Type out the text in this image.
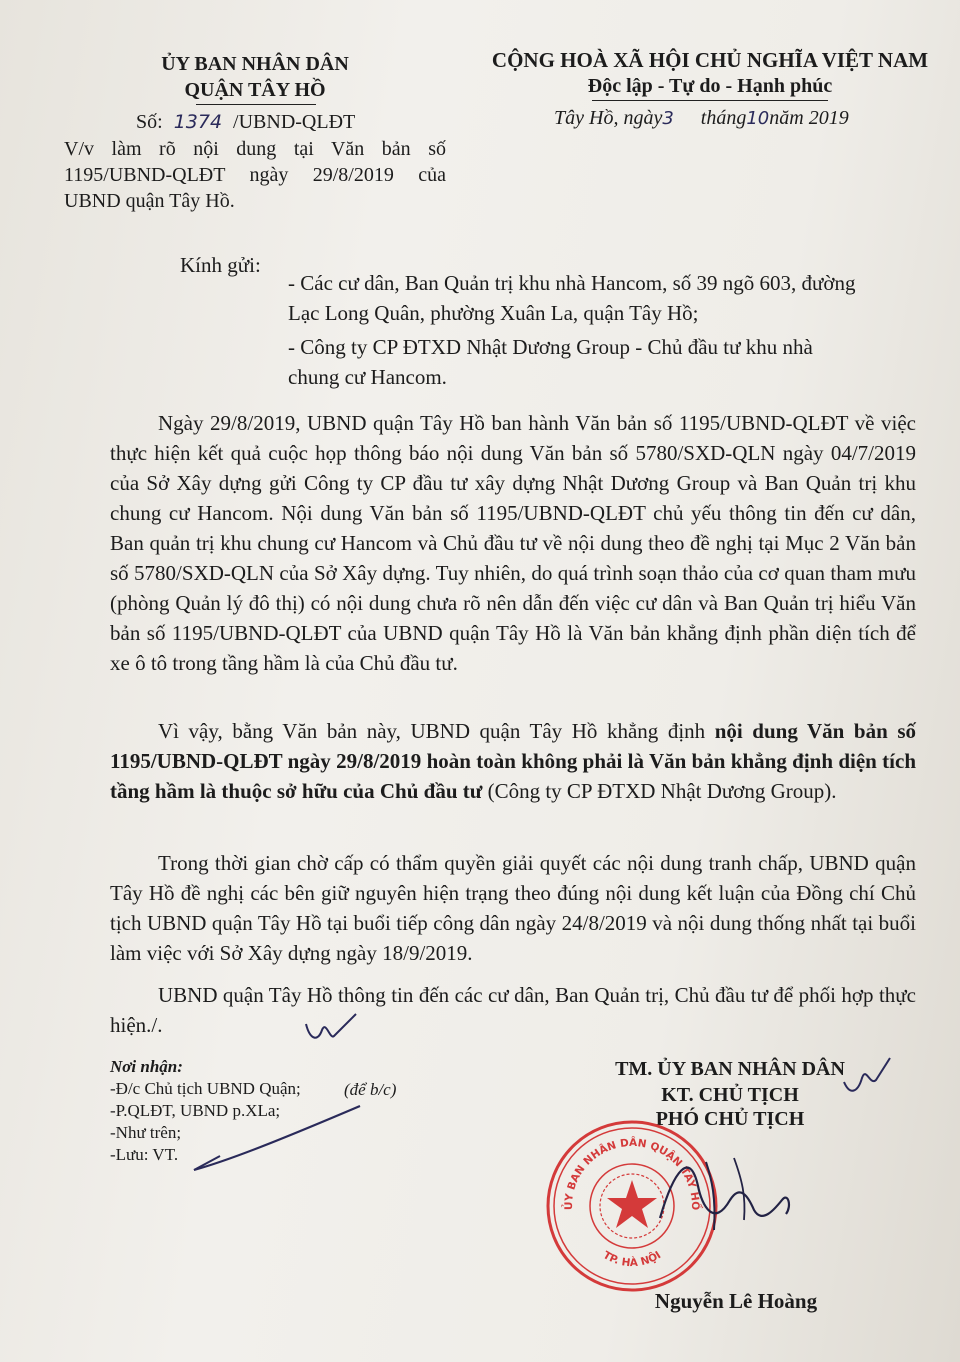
ỦY BAN NHÂN DÂN
QUẬN TÂY HỒ
Số: 1374 /UBND-QLĐT
CỘNG HOÀ XÃ HỘI CHỦ NGHĨA VIỆT NAM
Độc lập - Tự do - Hạnh phúc
Tây Hồ, ngày3 tháng10năm 2019
V/v làm rõ nội dung tại Văn bản số 1195/UBND-QLĐT ngày 29/8/2019 của UBND quận Tây Hồ.
Kính gửi:
- Các cư dân, Ban Quản trị khu nhà Hancom, số 39 ngõ 603, đường
Lạc Long Quân, phường Xuân La, quận Tây Hồ;
- Công ty CP ĐTXD Nhật Dương Group - Chủ đầu tư khu nhà
chung cư Hancom.
Ngày 29/8/2019, UBND quận Tây Hồ ban hành Văn bản số 1195/UBND-QLĐT về việc thực hiện kết quả cuộc họp thông báo nội dung Văn bản số 5780/SXD-QLN ngày 04/7/2019 của Sở Xây dựng gửi Công ty CP đầu tư xây dựng Nhật Dương Group và Ban Quản trị khu chung cư Hancom. Nội dung Văn bản số 1195/UBND-QLĐT chủ yếu thông tin đến cư dân, Ban quản trị khu chung cư Hancom và Chủ đầu tư về nội dung theo đề nghị tại Mục 2 Văn bản số 5780/SXD-QLN của Sở Xây dựng. Tuy nhiên, do quá trình soạn thảo của cơ quan tham mưu (phòng Quản lý đô thị) có nội dung chưa rõ nên dẫn đến việc cư dân và Ban Quản trị hiểu Văn bản số 1195/UBND-QLĐT của UBND quận Tây Hồ là Văn bản khẳng định phần diện tích để xe ô tô trong tầng hầm là của Chủ đầu tư.
Vì vậy, bằng Văn bản này, UBND quận Tây Hồ khẳng định nội dung Văn bản số 1195/UBND-QLĐT ngày 29/8/2019 hoàn toàn không phải là Văn bản khẳng định diện tích tầng hầm là thuộc sở hữu của Chủ đầu tư (Công ty CP ĐTXD Nhật Dương Group).
Trong thời gian chờ cấp có thẩm quyền giải quyết các nội dung tranh chấp, UBND quận Tây Hồ đề nghị các bên giữ nguyên hiện trạng theo đúng nội dung kết luận của Đồng chí Chủ tịch UBND quận Tây Hồ tại buổi tiếp công dân ngày 24/8/2019 và nội dung thống nhất tại buổi làm việc với Sở Xây dựng ngày 18/9/2019.
UBND quận Tây Hồ thông tin đến các cư dân, Ban Quản trị, Chủ đầu tư để phối hợp thực hiện./.
Nơi nhận:
-Đ/c Chủ tịch UBND Quận;
-P.QLĐT, UBND p.XLa;
-Như trên;
-Lưu: VT.
(để b/c)
TM. ỦY BAN NHÂN DÂN
KT. CHỦ TỊCH
PHÓ CHỦ TỊCH
ỦY BAN NHÂN DÂN QUẬN TÂY HỒ
TP. HÀ NỘI
Nguyễn Lê Hoàng
